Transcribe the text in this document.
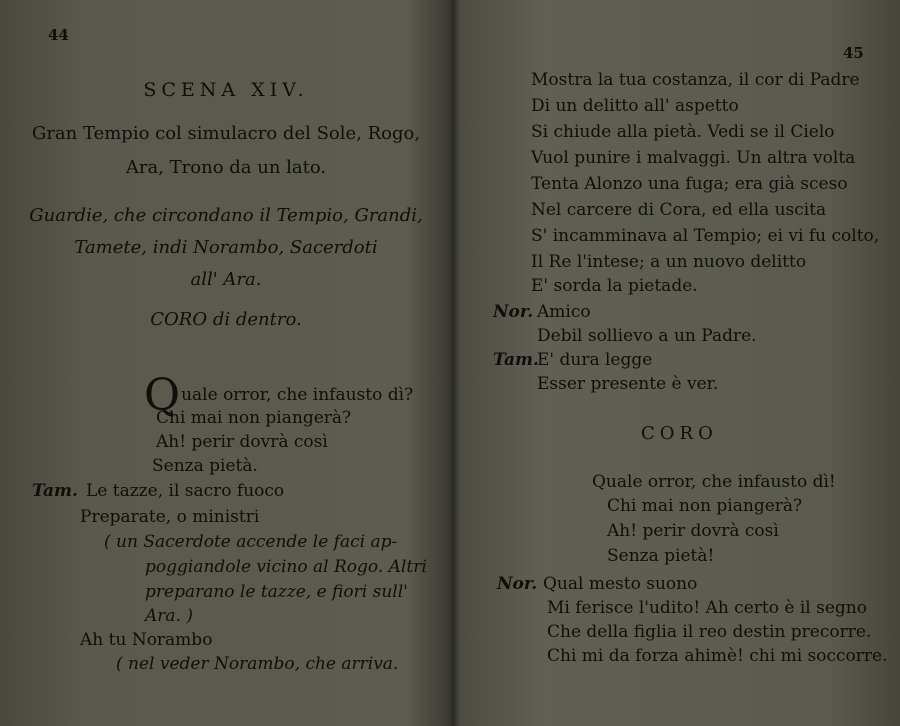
44
SCENA XIV.
Gran Tempio col simulacro del Sole, Rogo,
Ara, Trono da un lato.
Guardie, che circondano il Tempio, Grandi,
Tamete, indi Norambo, Sacerdoti
all' Ara.
CORO di dentro.
Quale orror, che infausto dì?
Chi mai non piangerà?
Ah! perir dovrà così
Senza pietà.
Tam. Le tazze, il sacro fuoco
Preparate, o ministri
( un Sacerdote accende le faci ap-
poggiandole vicino al Rogo. Altri
preparano le tazze, e fiori sull'
Ara. )
Ah tu Norambo
( nel veder Norambo, che arriva.
45
Mostra la tua costanza, il cor di Padre
Di un delitto all' aspetto
Si chiude alla pietà. Vedi se il Cielo
Vuol punire i malvaggi. Un altra volta
Tenta Alonzo una fuga; era già sceso
Nel carcere di Cora, ed ella uscita
S' incamminava al Tempio; ei vi fu colto,
Il Re l'intese; a un nuovo delitto
E' sorda la pietade.
Nor. Amico
Debil sollievo a un Padre.
Tam.
E' dura legge
Esser presente è ver.
CORO
Quale orror, che infausto dì!
Chi mai non piangerà?
Ah! perir dovrà così
Senza pietà!
Nor. Qual mesto suono
Mi ferisce l'udito! Ah certo è il segno
Che della figlia il reo destin precorre.
Chi mi da forza ahimè! chi mi soccorre.
